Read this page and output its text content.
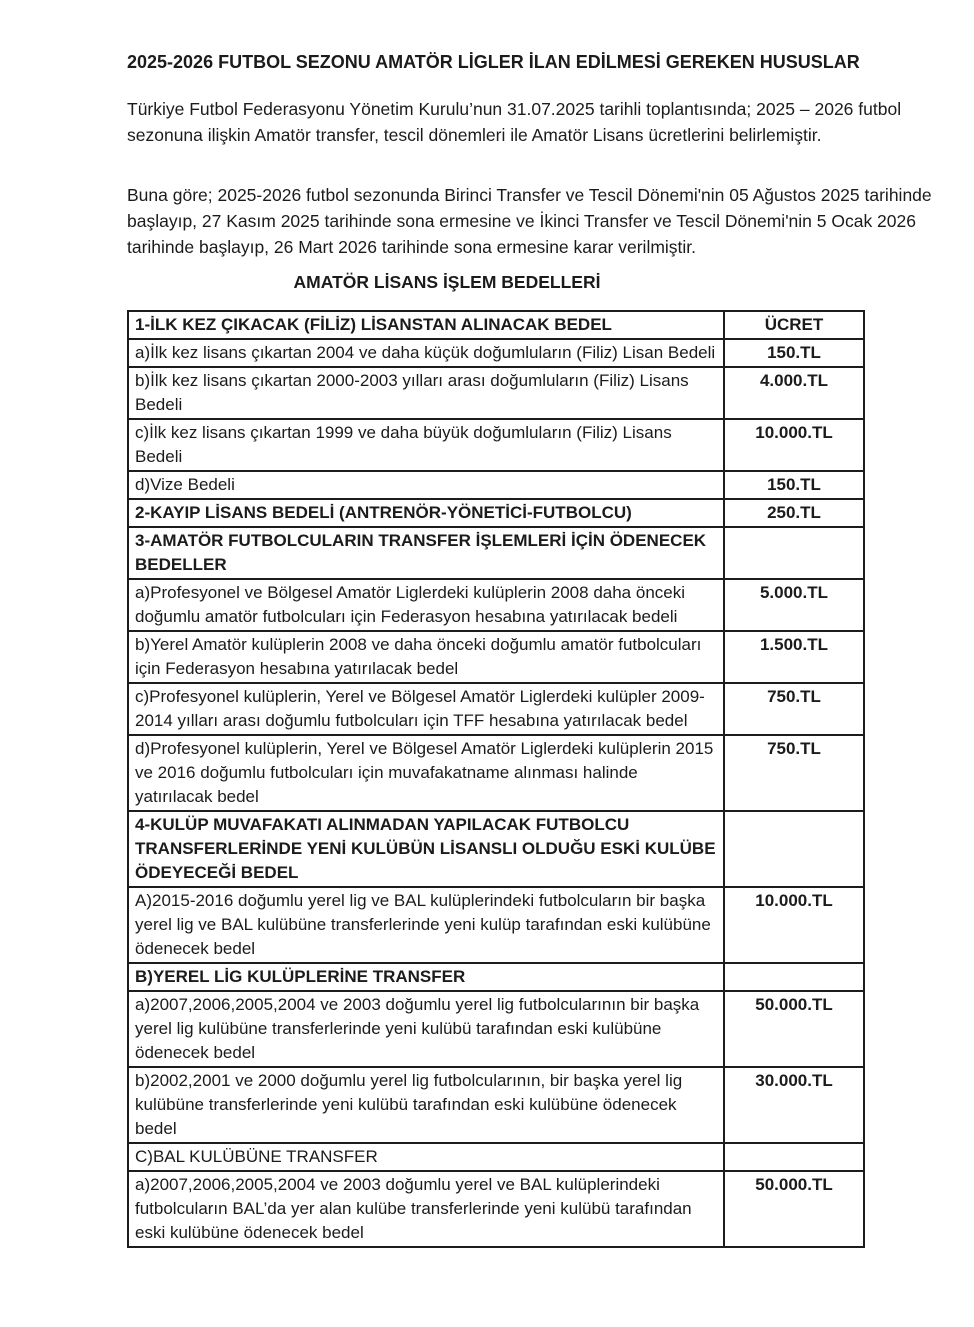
2025-2026 FUTBOL SEZONU AMATÖR LİGLER İLAN EDİLMESİ GEREKEN HUSUSLAR

Türkiye Futbol Federasyonu Yönetim Kurulu’nun 31.07.2025 tarihli toplantısında; 2025 – 2026 futbol sezonuna ilişkin Amatör transfer, tescil dönemleri ile Amatör Lisans ücretlerini belirlemiştir.

Buna göre; 2025-2026 futbol sezonunda Birinci Transfer ve Tescil Dönemi'nin 05 Ağustos 2025 tarihinde başlayıp, 27 Kasım 2025 tarihinde sona ermesine ve İkinci Transfer ve Tescil Dönemi'nin 5 Ocak 2026 tarihinde başlayıp, 26 Mart 2026 tarihinde sona ermesine karar verilmiştir.

AMATÖR LİSANS İŞLEM BEDELLERİ
1-İLK KEZ ÇIKACAK (FİLİZ) LİSANSTAN ALINACAK BEDEL	ÜCRET
a)İlk kez lisans çıkartan 2004 ve daha küçük doğumluların (Filiz) Lisan Bedeli	150.TL
b)İlk kez lisans çıkartan 2000-2003 yılları arası doğumluların (Filiz) Lisans Bedeli	4.000.TL
c)İlk kez lisans çıkartan 1999 ve daha büyük doğumluların (Filiz) Lisans Bedeli	10.000.TL
d)Vize Bedeli	150.TL
2-KAYIP LİSANS BEDELİ (ANTRENÖR-YÖNETİCİ-FUTBOLCU)	250.TL
3-AMATÖR FUTBOLCULARIN TRANSFER İŞLEMLERİ İÇİN ÖDENECEK BEDELLER	
a)Profesyonel ve Bölgesel Amatör Liglerdeki kulüplerin 2008 daha önceki doğumlu amatör futbolcuları için Federasyon hesabına yatırılacak bedeli	5.000.TL
b)Yerel Amatör kulüplerin 2008 ve daha önceki doğumlu amatör futbolcuları için Federasyon hesabına yatırılacak bedel	1.500.TL
c)Profesyonel kulüplerin, Yerel ve Bölgesel Amatör Liglerdeki kulüpler 2009-2014 yılları arası doğumlu futbolcuları için TFF hesabına yatırılacak bedel	750.TL
d)Profesyonel kulüplerin, Yerel ve Bölgesel Amatör Liglerdeki kulüplerin 2015 ve 2016 doğumlu futbolcuları için muvafakatname alınması halinde yatırılacak bedel	750.TL
4-KULÜP MUVAFAKATI ALINMADAN YAPILACAK FUTBOLCU TRANSFERLERİNDE YENİ KULÜBÜN LİSANSLI OLDUĞU ESKİ KULÜBE ÖDEYECEĞİ BEDEL	
A)2015-2016 doğumlu yerel lig ve BAL kulüplerindeki futbolcuların bir başka yerel lig ve BAL kulübüne transferlerinde yeni kulüp tarafından eski kulübüne ödenecek bedel	10.000.TL
B)YEREL LİG KULÜPLERİNE TRANSFER	
a)2007,2006,2005,2004 ve 2003 doğumlu yerel lig futbolcularının bir başka yerel lig kulübüne transferlerinde yeni kulübü tarafından eski kulübüne ödenecek bedel	50.000.TL
b)2002,2001 ve 2000 doğumlu yerel lig futbolcularının, bir başka yerel lig kulübüne transferlerinde yeni kulübü tarafından eski kulübüne ödenecek bedel	30.000.TL
C)BAL KULÜBÜNE TRANSFER	
a)2007,2006,2005,2004 ve 2003 doğumlu yerel ve BAL kulüplerindeki futbolcuların BAL’da yer alan kulübe transferlerinde yeni kulübü tarafından eski kulübüne ödenecek bedel	50.000.TL
